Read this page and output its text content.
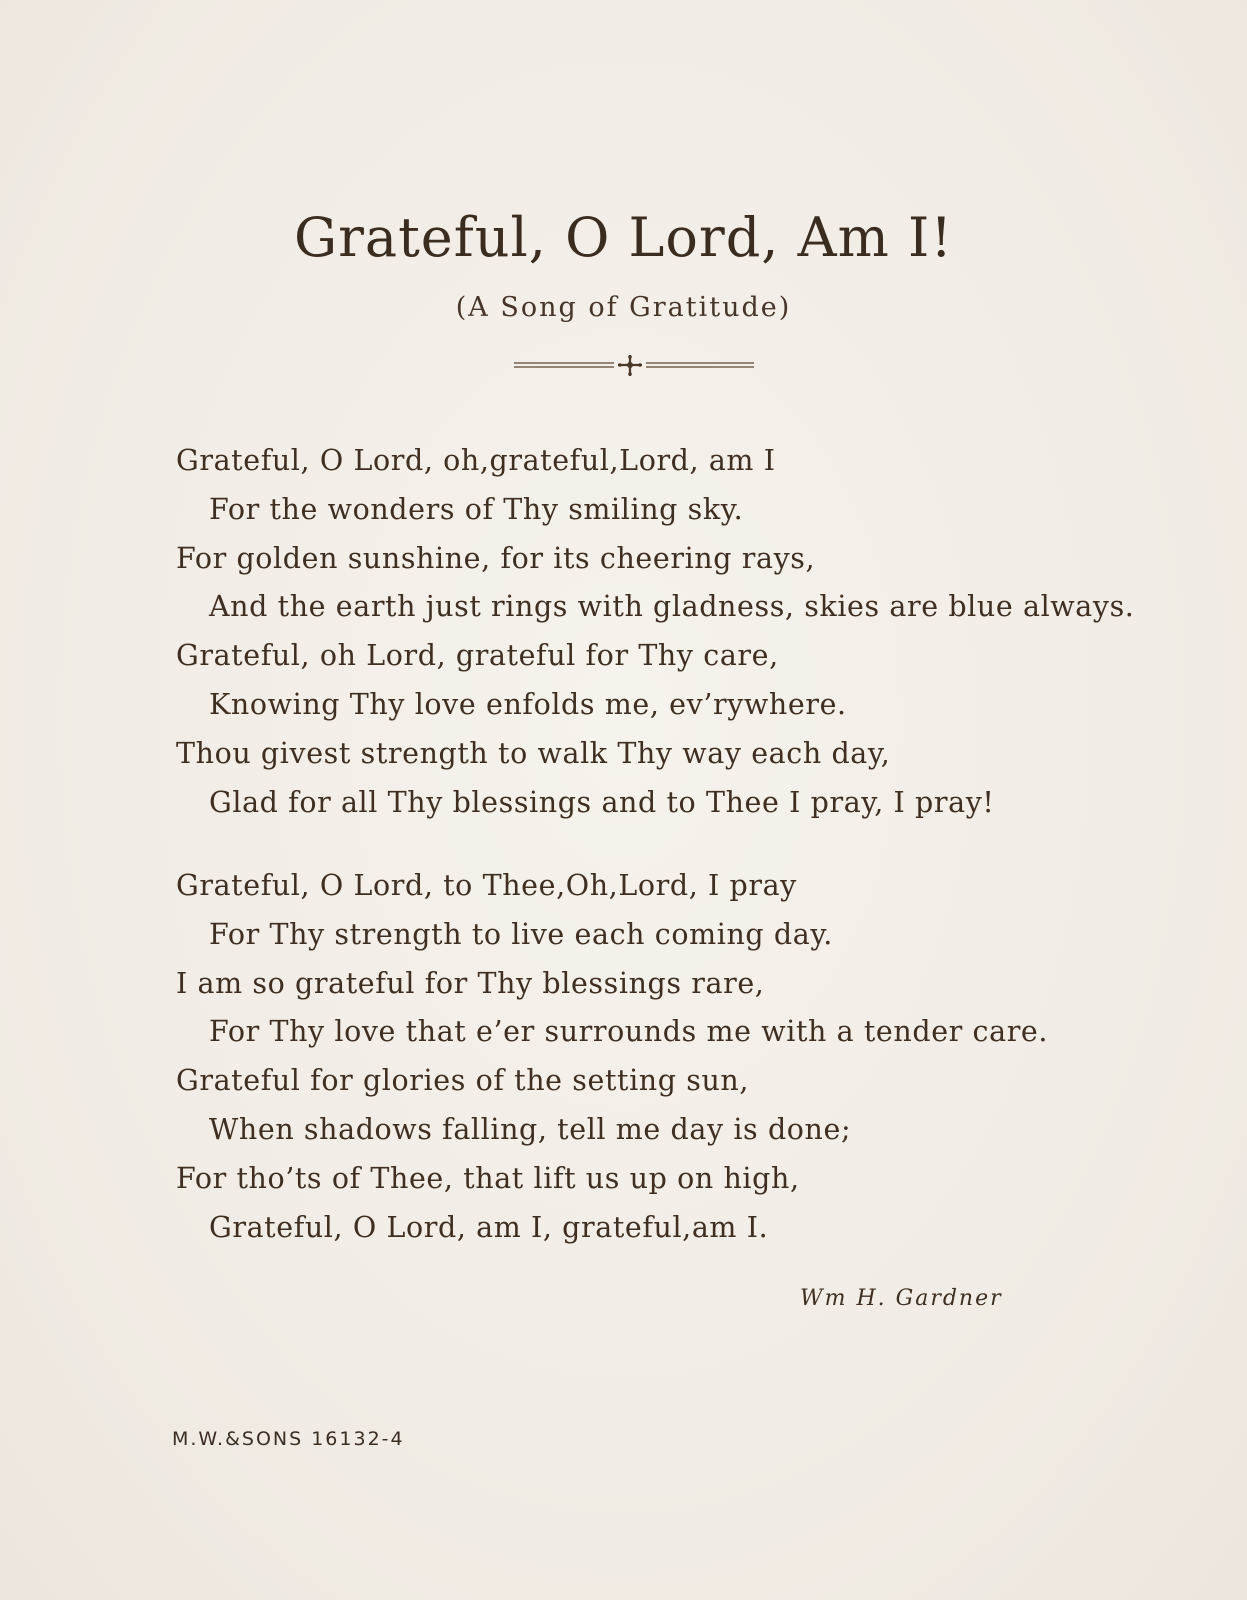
Grateful, O Lord, Am I!
(A Song of Gratitude)
Grateful, O Lord, oh,grateful,Lord, am I
For the wonders of Thy smiling sky.
For golden sunshine, for its cheering rays,
And the earth just rings with gladness, skies are blue always.
Grateful, oh Lord, grateful for Thy care,
Knowing Thy love enfolds me, ev’rywhere.
Thou givest strength to walk Thy way each day,
Glad for all Thy blessings and to Thee I pray, I pray!
Grateful, O Lord, to Thee,Oh,Lord, I pray
For Thy strength to live each coming day.
I am so grateful for Thy blessings rare,
For Thy love that e’er surrounds me with a tender care.
Grateful for glories of the setting sun,
When shadows falling, tell me day is done;
For tho’ts of Thee, that lift us up on high,
Grateful, O Lord, am I, grateful,am I.
Wm H. Gardner
M.W.&SONS 16132-4
